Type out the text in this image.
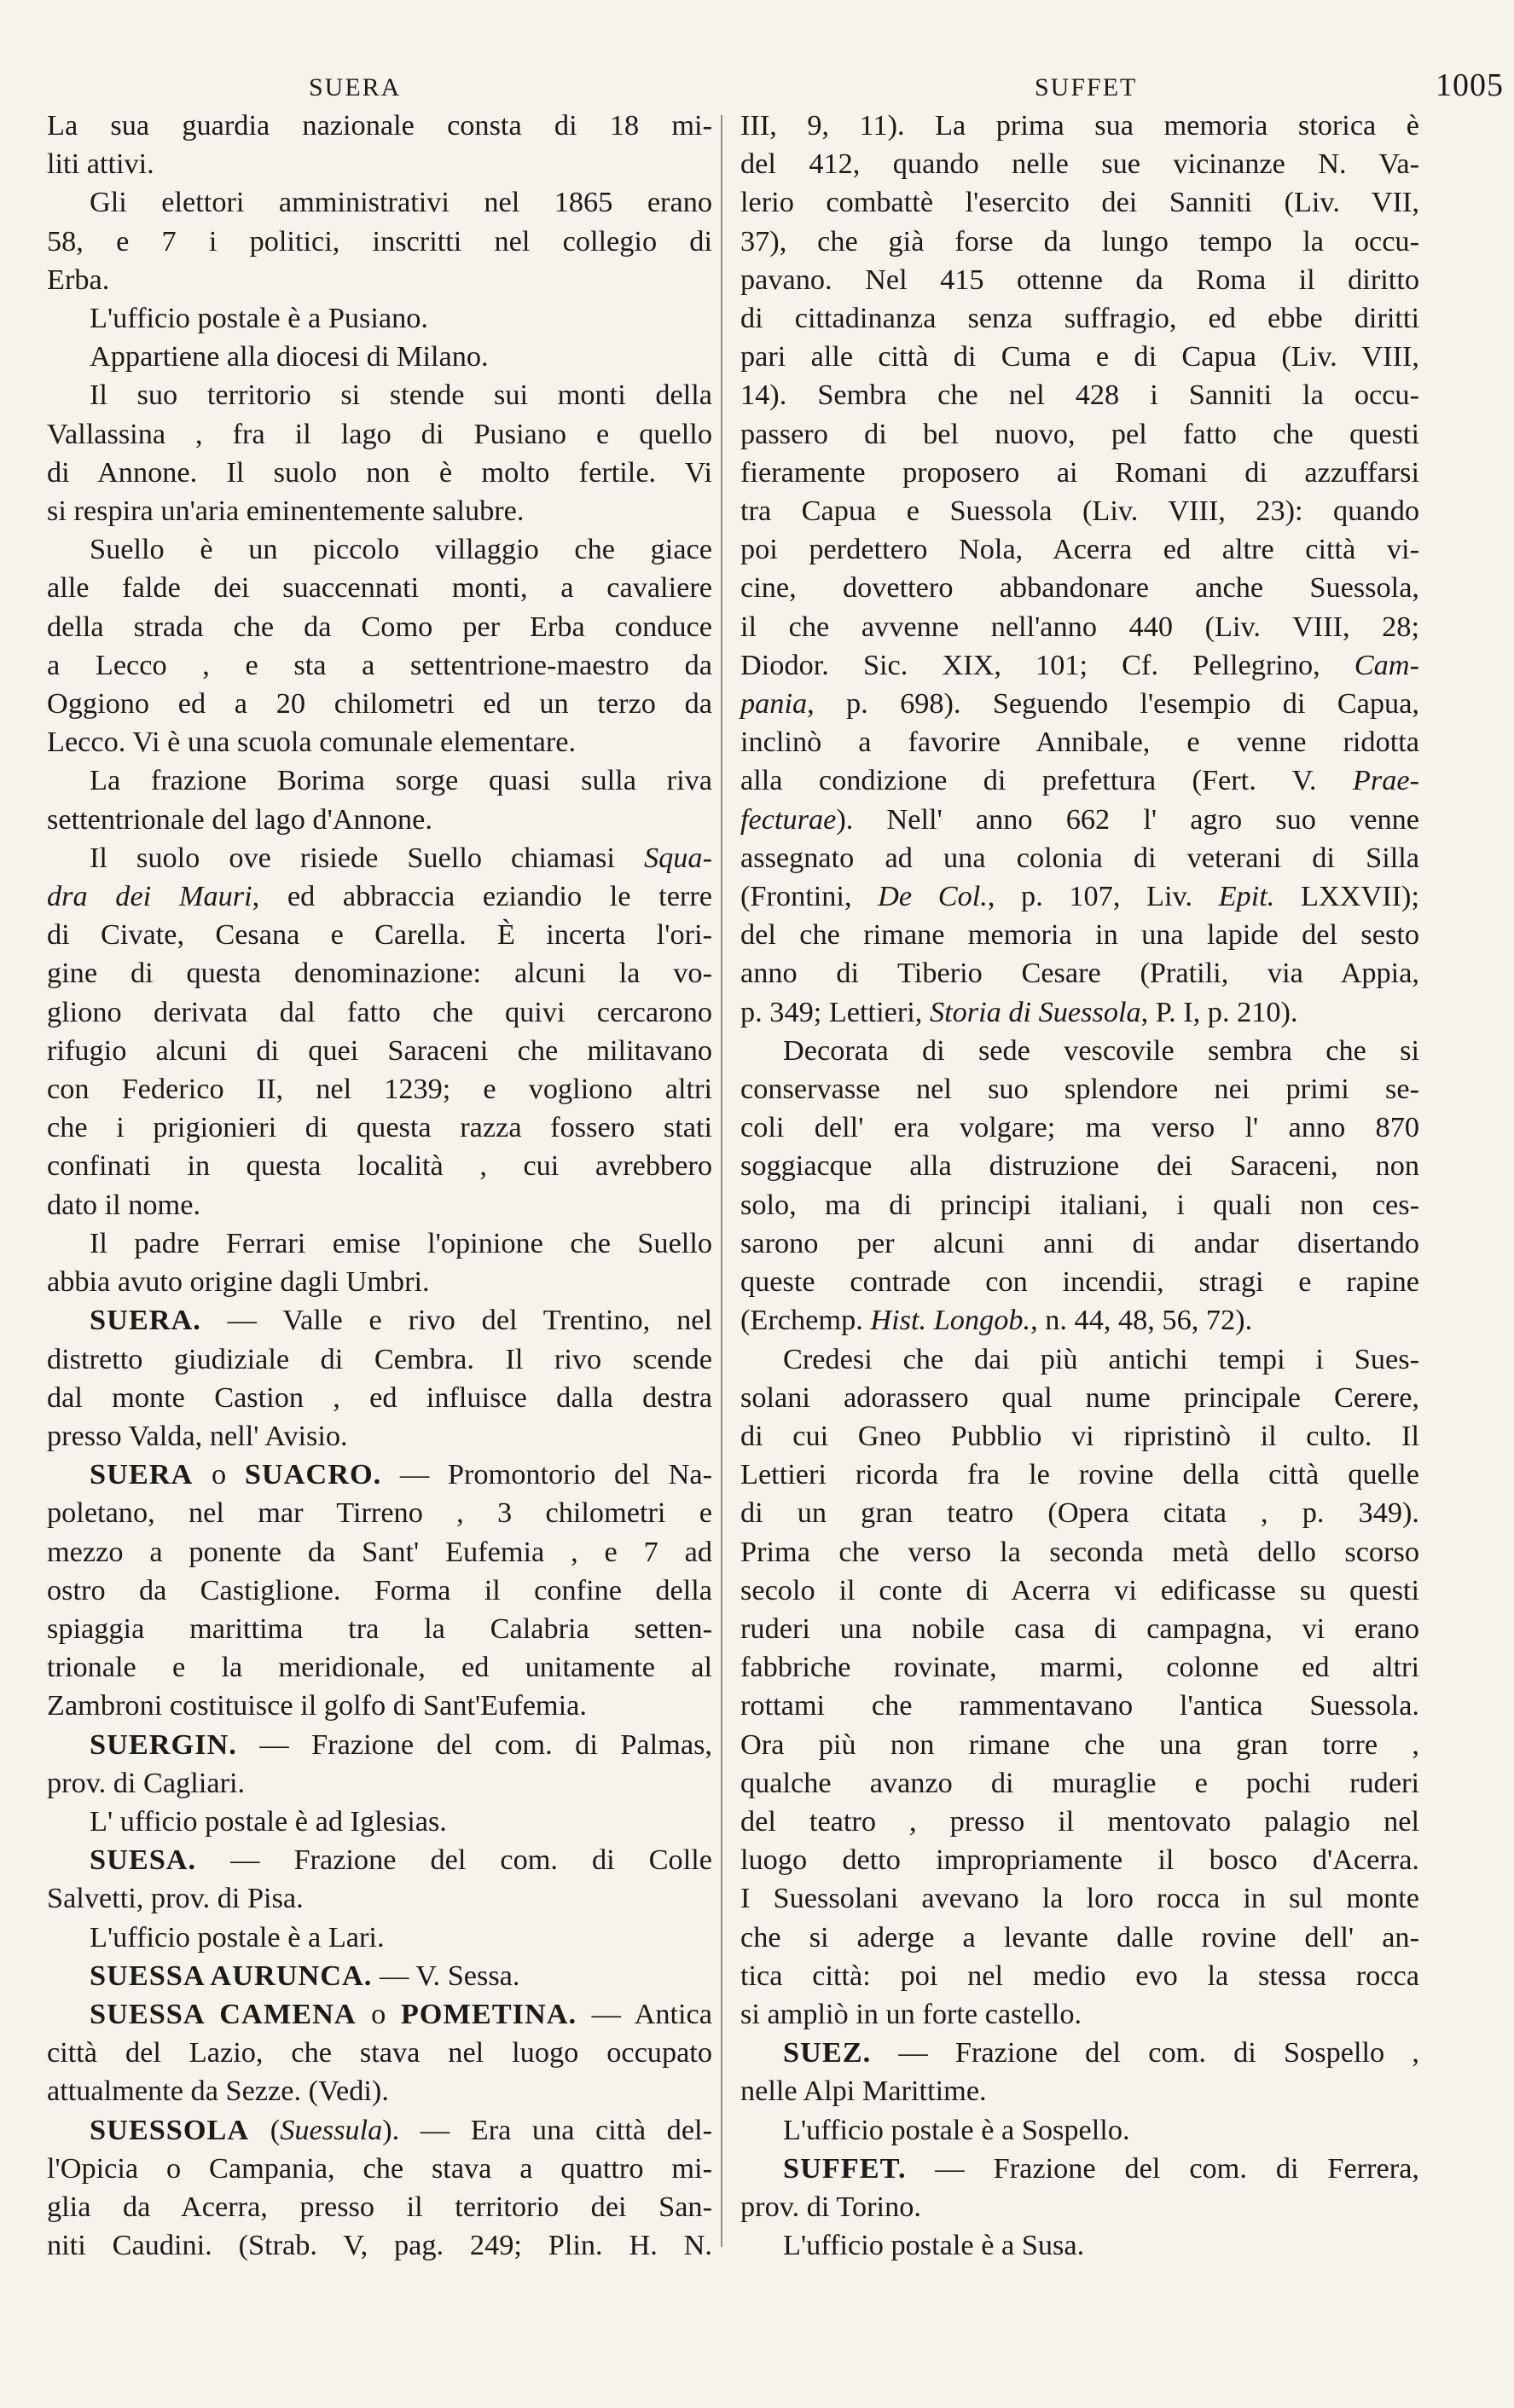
SUERA	SUFFET	1005
La sua guardia nazionale consta di 18 mi-
liti attivi.
Gli elettori amministrativi nel 1865 erano
58, e 7 i politici, inscritti nel collegio di
Erba.
L'ufficio postale è a Pusiano.
Appartiene alla diocesi di Milano.
Il suo territorio si stende sui monti della
Vallassina , fra il lago di Pusiano e quello
di Annone. Il suolo non è molto fertile. Vi
si respira un'aria eminentemente salubre.
Suello è un piccolo villaggio che giace
alle falde dei suaccennati monti, a cavaliere
della strada che da Como per Erba conduce
a Lecco , e sta a settentrione-maestro da
Oggiono ed a 20 chilometri ed un terzo da
Lecco. Vi è una scuola comunale elementare.
La frazione Borima sorge quasi sulla riva
settentrionale del lago d'Annone.
Il suolo ove risiede Suello chiamasi Squa-
dra dei Mauri, ed abbraccia eziandio le terre
di Civate, Cesana e Carella. È incerta l'ori-
gine di questa denominazione: alcuni la vo-
gliono derivata dal fatto che quivi cercarono
rifugio alcuni di quei Saraceni che militavano
con Federico II, nel 1239; e vogliono altri
che i prigionieri di questa razza fossero stati
confinati in questa località , cui avrebbero
dato il nome.
Il padre Ferrari emise l'opinione che Suello
abbia avuto origine dagli Umbri.
SUERA. — Valle e rivo del Trentino, nel
distretto giudiziale di Cembra. Il rivo scende
dal monte Castion , ed influisce dalla destra
presso Valda, nell' Avisio.
SUERA o SUACRO. — Promontorio del Na-
poletano, nel mar Tirreno , 3 chilometri e
mezzo a ponente da Sant' Eufemia , e 7 ad
ostro da Castiglione. Forma il confine della
spiaggia marittima tra la Calabria setten-
trionale e la meridionale, ed unitamente al
Zambroni costituisce il golfo di Sant'Eufemia.
SUERGIN. — Frazione del com. di Palmas,
prov. di Cagliari.
L' ufficio postale è ad Iglesias.
SUESA. — Frazione del com. di Colle
Salvetti, prov. di Pisa.
L'ufficio postale è a Lari.
SUESSA AURUNCA. — V. Sessa.
SUESSA CAMENA o POMETINA. — Antica
città del Lazio, che stava nel luogo occupato
attualmente da Sezze. (Vedi).
SUESSOLA (Suessula). — Era una città del-
l'Opicia o Campania, che stava a quattro mi-
glia da Acerra, presso il territorio dei San-
niti Caudini. (Strab. V, pag. 249; Plin. H. N.
III, 9, 11). La prima sua memoria storica è
del 412, quando nelle sue vicinanze N. Va-
lerio combattè l'esercito dei Sanniti (Liv. VII,
37), che già forse da lungo tempo la occu-
pavano. Nel 415 ottenne da Roma il diritto
di cittadinanza senza suffragio, ed ebbe diritti
pari alle città di Cuma e di Capua (Liv. VIII,
14). Sembra che nel 428 i Sanniti la occu-
passero di bel nuovo, pel fatto che questi
fieramente proposero ai Romani di azzuffarsi
tra Capua e Suessola (Liv. VIII, 23): quando
poi perdettero Nola, Acerra ed altre città vi-
cine, dovettero abbandonare anche Suessola,
il che avvenne nell'anno 440 (Liv. VIII, 28;
Diodor. Sic. XIX, 101; Cf. Pellegrino, Cam-
pania, p. 698). Seguendo l'esempio di Capua,
inclinò a favorire Annibale, e venne ridotta
alla condizione di prefettura (Fert. V. Prae-
fecturae). Nell' anno 662 l' agro suo venne
assegnato ad una colonia di veterani di Silla
(Frontini, De Col., p. 107, Liv. Epit. LXXVII);
del che rimane memoria in una lapide del sesto
anno di Tiberio Cesare (Pratili, via Appia,
p. 349; Lettieri, Storia di Suessola, P. I, p. 210).
Decorata di sede vescovile sembra che si
conservasse nel suo splendore nei primi se-
coli dell' era volgare; ma verso l' anno 870
soggiacque alla distruzione dei Saraceni, non
solo, ma di principi italiani, i quali non ces-
sarono per alcuni anni di andar disertando
queste contrade con incendii, stragi e rapine
(Erchemp. Hist. Longob., n. 44, 48, 56, 72).
Credesi che dai più antichi tempi i Sues-
solani adorassero qual nume principale Cerere,
di cui Gneo Pubblio vi ripristinò il culto. Il
Lettieri ricorda fra le rovine della città quelle
di un gran teatro (Opera citata , p. 349).
Prima che verso la seconda metà dello scorso
secolo il conte di Acerra vi edificasse su questi
ruderi una nobile casa di campagna, vi erano
fabbriche rovinate, marmi, colonne ed altri
rottami che rammentavano l'antica Suessola.
Ora più non rimane che una gran torre ,
qualche avanzo di muraglie e pochi ruderi
del teatro , presso il mentovato palagio nel
luogo detto impropriamente il bosco d'Acerra.
I Suessolani avevano la loro rocca in sul monte
che si aderge a levante dalle rovine dell' an-
tica città: poi nel medio evo la stessa rocca
si ampliò in un forte castello.
SUEZ. — Frazione del com. di Sospello ,
nelle Alpi Marittime.
L'ufficio postale è a Sospello.
SUFFET. — Frazione del com. di Ferrera,
prov. di Torino.
L'ufficio postale è a Susa.
